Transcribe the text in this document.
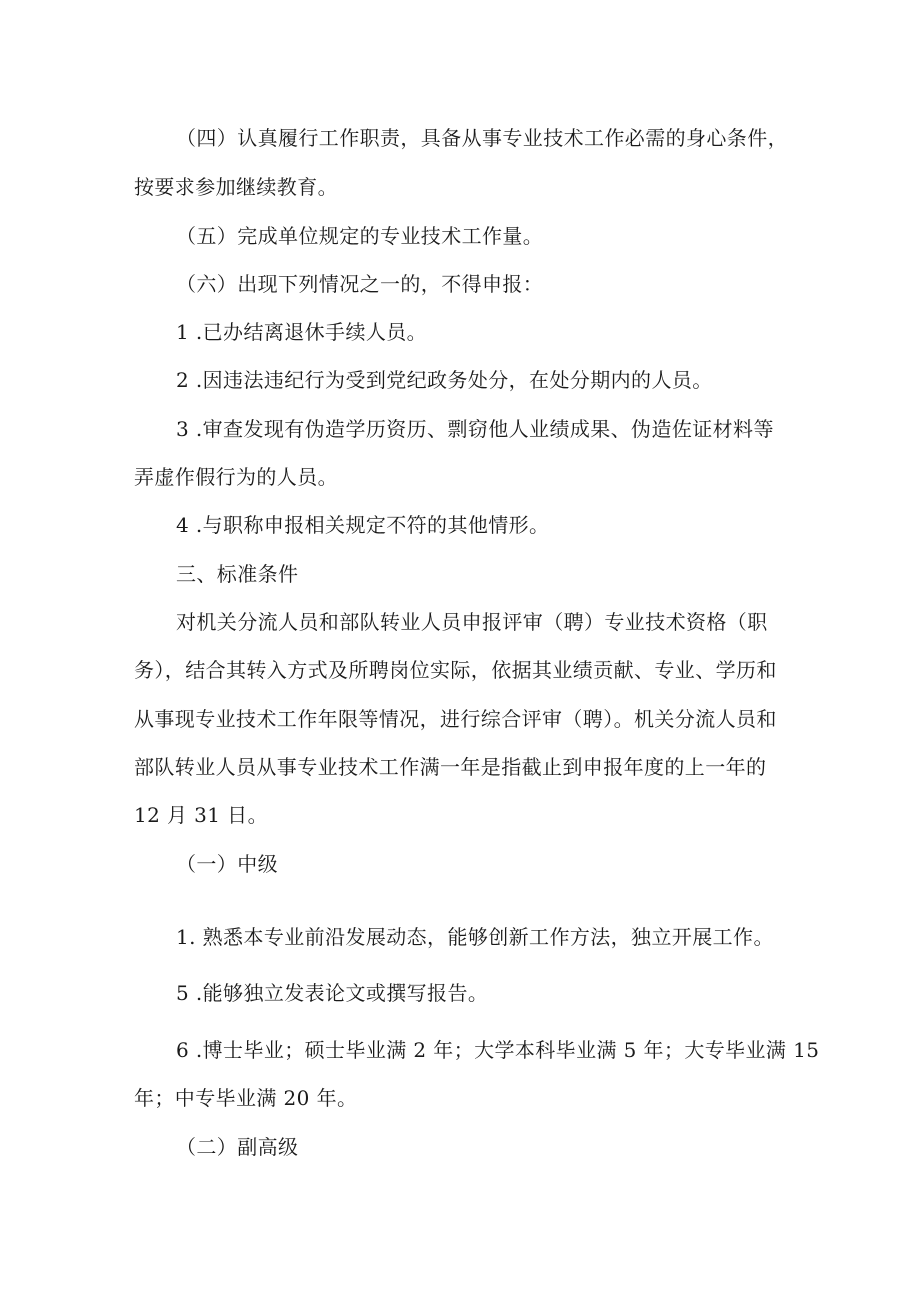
（四）认真履行工作职责，具备从事专业技术工作必需的身心条件，
按要求参加继续教育。
（五）完成单位规定的专业技术工作量。
（六）出现下列情况之一的，不得申报：
1 .已办结离退休手续人员。
2 .因违法违纪行为受到党纪政务处分，在处分期内的人员。
3 .审查发现有伪造学历资历、剽窃他人业绩成果、伪造佐证材料等
弄虚作假行为的人员。
4 .与职称申报相关规定不符的其他情形。
三、标准条件
对机关分流人员和部队转业人员申报评审（聘）专业技术资格（职
务），结合其转入方式及所聘岗位实际，依据其业绩贡献、专业、学历和
从事现专业技术工作年限等情况，进行综合评审（聘）。机关分流人员和
部队转业人员从事专业技术工作满一年是指截止到申报年度的上一年的
12 月 31 日。
（一）中级
1. 熟悉本专业前沿发展动态，能够创新工作方法，独立开展工作。
5 .能够独立发表论文或撰写报告。
6 .博士毕业；硕士毕业满 2 年；大学本科毕业满 5 年；大专毕业满 15
年；中专毕业满 20 年。
（二）副高级
